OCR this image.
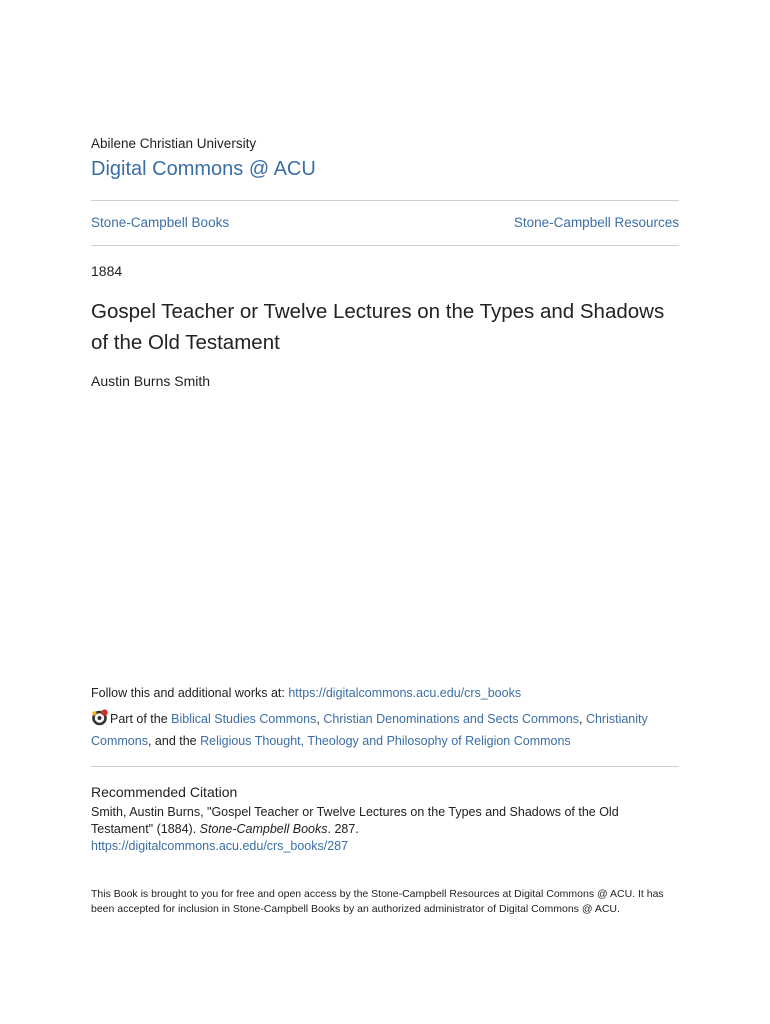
Abilene Christian University
Digital Commons @ ACU
Stone-Campbell Books	Stone-Campbell Resources
1884
Gospel Teacher or Twelve Lectures on the Types and Shadows of the Old Testament
Austin Burns Smith
Follow this and additional works at: https://digitalcommons.acu.edu/crs_books
Part of the Biblical Studies Commons, Christian Denominations and Sects Commons, Christianity Commons, and the Religious Thought, Theology and Philosophy of Religion Commons
Recommended Citation
Smith, Austin Burns, "Gospel Teacher or Twelve Lectures on the Types and Shadows of the Old Testament" (1884). Stone-Campbell Books. 287.
https://digitalcommons.acu.edu/crs_books/287
This Book is brought to you for free and open access by the Stone-Campbell Resources at Digital Commons @ ACU. It has been accepted for inclusion in Stone-Campbell Books by an authorized administrator of Digital Commons @ ACU.
